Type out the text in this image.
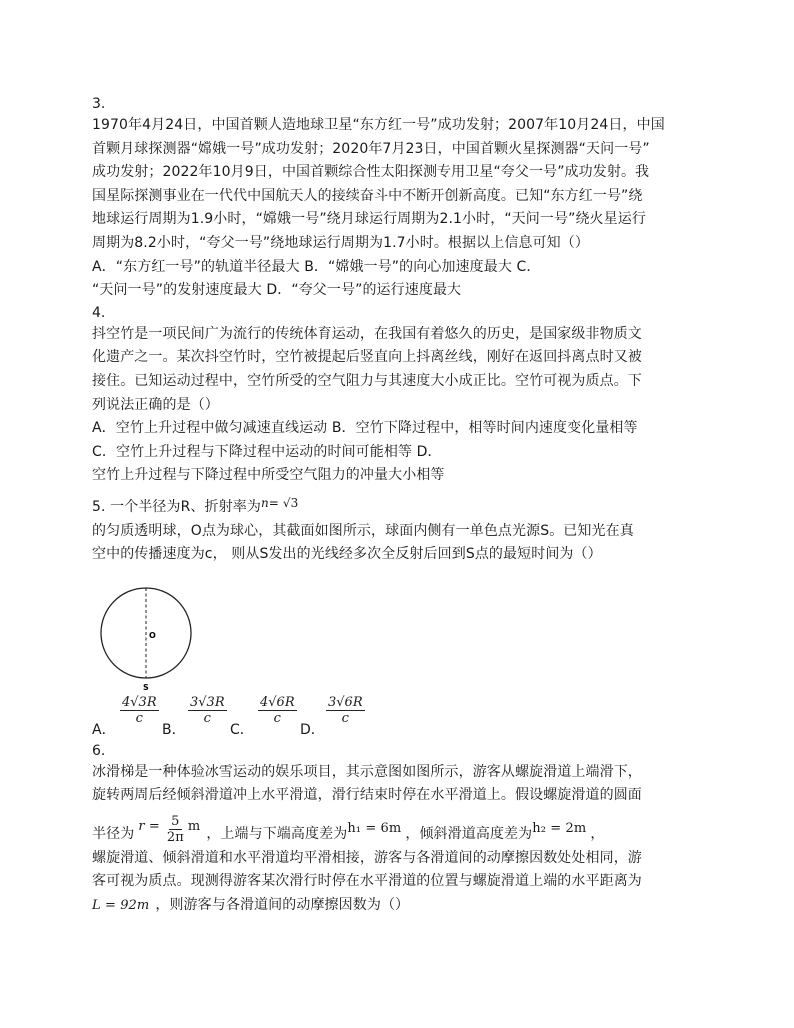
3.

1970年4月24日，中国首颗人造地球卫星“东方红一号”成功发射；2007年10月24日，中国

首颗月球探测器“嫦娥一号”成功发射；2020年7月23日，中国首颗火星探测器“天问一号”

成功发射；2022年10月9日，中国首颗综合性太阳探测专用卫星“夸父一号”成功发射。我

国星际探测事业在一代代中国航天人的接续奋斗中不断开创新高度。已知“东方红一号”绕

地球运行周期为1.9小时，“嫦娥一号”绕月球运行周期为2.1小时，“天问一号”绕火星运行

周期为8.2小时，“夸父一号”绕地球运行周期为1.7小时。根据以上信息可知（）

A．“东方红一号”的轨道半径最大 B．“嫦娥一号”的向心加速度最大 C．

“天问一号”的发射速度最大 D．“夸父一号”的运行速度最大

4.

抖空竹是一项民间广为流行的传统体育运动，在我国有着悠久的历史，是国家级非物质文

化遗产之一。某次抖空竹时，空竹被提起后竖直向上抖离丝线，刚好在返回抖离点时又被

接住。已知运动过程中，空竹所受的空气阻力与其速度大小成正比。空竹可视为质点。下

列说法正确的是（）

A．空竹上升过程中做匀减速直线运动 B．空竹下降过程中，相等时间内速度变化量相等

C．空竹上升过程与下降过程中运动的时间可能相等 D．

空竹上升过程与下降过程中所受空气阻力的冲量大小相等

5. 一个半径为R、折射率为n= √3

的匀质透明球，O点为球心，其截面如图所示，球面内侧有一单色点光源S。已知光在真

空中的传播速度为c， 则从S发出的光线经多次全反射后回到S点的最短时间为（）

O
S
A．
$\frac{4√3R}{c}$
B．
$\frac{3√3R}{c}$
C．
$\frac{4√6R}{c}$
D．
$\frac{3√6R}{c}$

6.

冰滑梯是一种体验冰雪运动的娱乐项目，其示意图如图所示，游客从螺旋滑道上端滑下，

旋转两周后经倾斜滑道冲上水平滑道，滑行结束时停在水平滑道上。假设螺旋滑道的圆面

半径为 $r = \frac{5}{2\pi}$ m ，上端与下端高度差为 h₁ = 6m ，倾斜滑道高度差为 h₂ = 2m ，

螺旋滑道、倾斜滑道和水平滑道均平滑相接，游客与各滑道间的动摩擦因数处处相同，游

客可视为质点。现测得游客某次滑行时停在水平滑道的位置与螺旋滑道上端的水平距离为

L = 92m ，则游客与各滑道间的动摩擦因数为（）
